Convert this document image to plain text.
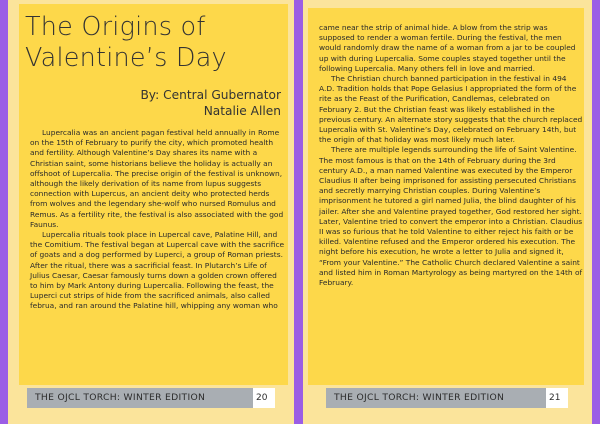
The Origins of Valentine’s Day
By: Central Gubernator
Natalie Allen

Lupercalia was an ancient pagan festival held annually in Rome on the 15th of February to purify the city, which promoted health and fertility. Although Valentine’s Day shares its name with a Christian saint, some historians believe the holiday is actually an offshoot of Lupercalia. The precise origin of the festival is unknown, although the likely derivation of its name from lupus suggests connection with Lupercus, an ancient deity who protected herds from wolves and the legendary she-wolf who nursed Romulus and Remus. As a fertility rite, the festival is also associated with the god Faunus.

Lupercalia rituals took place in Lupercal cave, Palatine Hill, and the Comitium. The festival began at Lupercal cave with the sacrifice of goats and a dog performed by Luperci, a group of Roman priests. After the ritual, there was a sacrificial feast. In Plutarch’s Life of Julius Caesar, Caesar famously turns down a golden crown offered to him by Mark Antony during Lupercalia. Following the feast, the Luperci cut strips of hide from the sacrificed animals, also called februa, and ran around the Palatine hill, whipping any woman who

THE OJCL TORCH: WINTER EDITION	20

came near the strip of animal hide. A blow from the strip was supposed to render a woman fertile. During the festival, the men would randomly draw the name of a woman from a jar to be coupled up with during Lupercalia. Some couples stayed together until the following Lupercalia. Many others fell in love and married.

The Christian church banned participation in the festival in 494 A.D. Tradition holds that Pope Gelasius I appropriated the form of the rite as the Feast of the Purification, Candlemas, celebrated on February 2. But the Christian feast was likely established in the previous century. An alternate story suggests that the church replaced Lupercalia with St. Valentine’s Day, celebrated on February 14th, but the origin of that holiday was most likely much later.

There are multiple legends surrounding the life of Saint Valentine. The most famous is that on the 14th of February during the 3rd century A.D., a man named Valentine was executed by the Emperor Claudius II after being imprisoned for assisting persecuted Christians and secretly marrying Christian couples. During Valentine’s imprisonment he tutored a girl named Julia, the blind daughter of his jailer. After she and Valentine prayed together, God restored her sight. Later, Valentine tried to convert the emperor into a Christian. Claudius II was so furious that he told Valentine to either reject his faith or be killed. Valentine refused and the Emperor ordered his execution. The night before his execution, he wrote a letter to Julia and signed it, “From your Valentine.” The Catholic Church declared Valentine a saint and listed him in Roman Martyrology as being martyred on the 14th of February.

THE OJCL TORCH: WINTER EDITION	21
